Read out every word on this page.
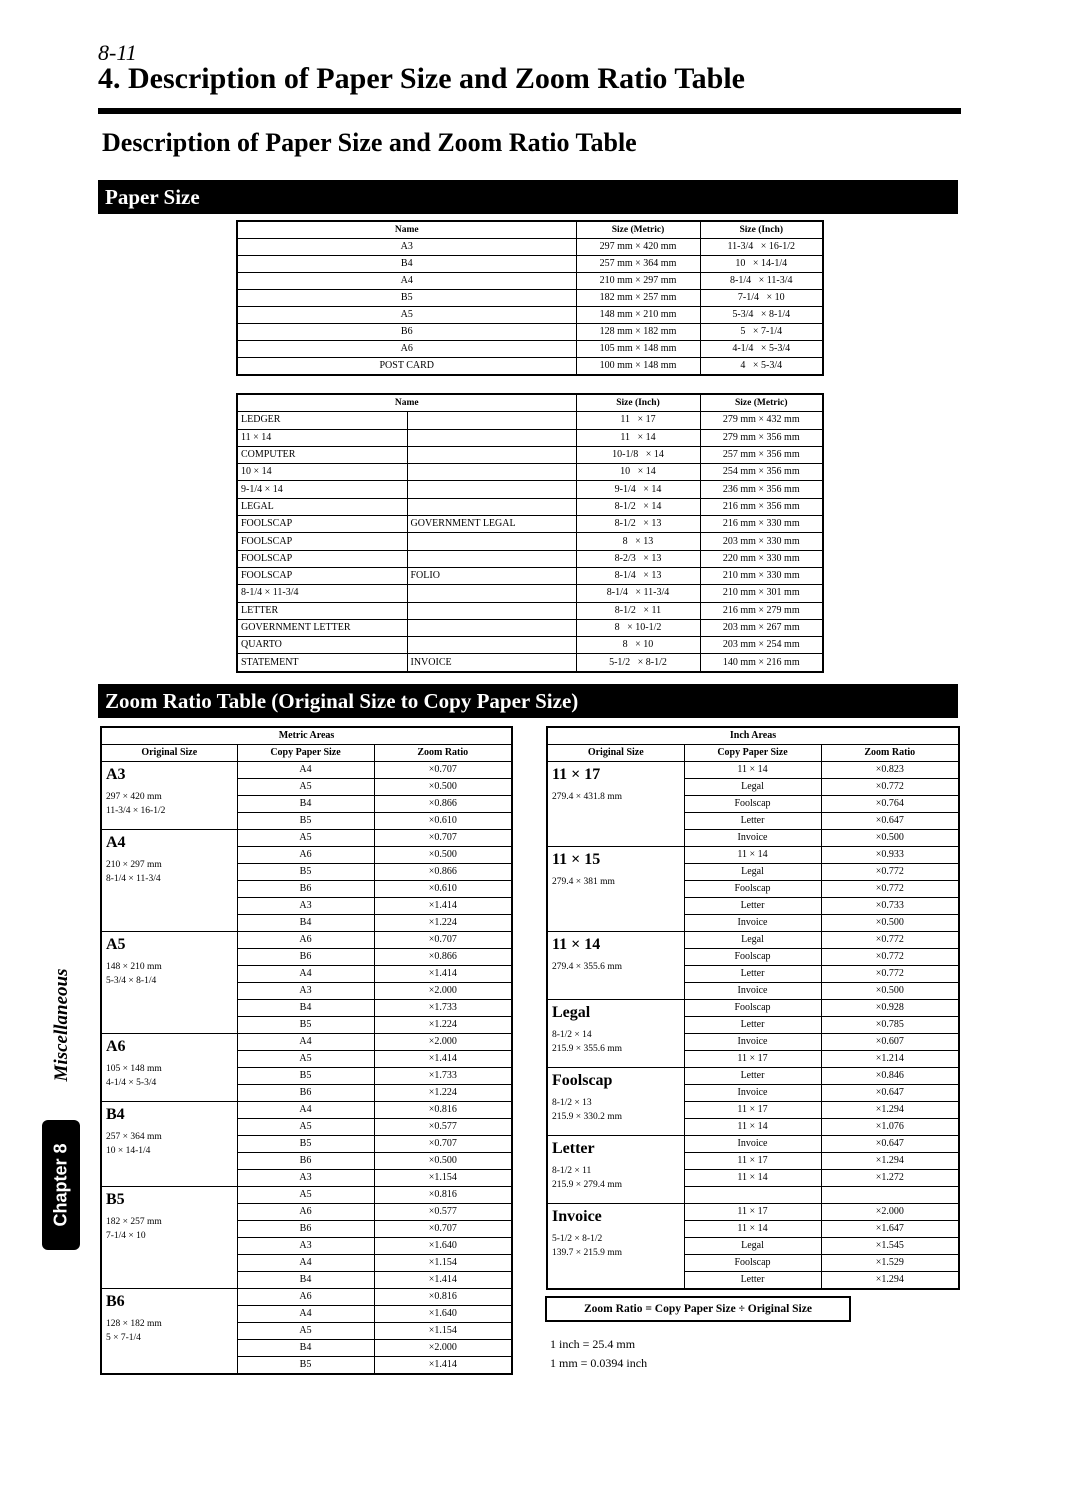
8-11
4. Description of Paper Size and Zoom Ratio Table
Description of Paper Size and Zoom Ratio Table
Paper Size
Name	Size (Metric)	Size (Inch)
A3	297 mm × 420 mm	11-3/4   × 16-1/2
B4	257 mm × 364 mm	10   × 14-1/4
A4	210 mm × 297 mm	8-1/4   × 11-3/4
B5	182 mm × 257 mm	7-1/4   × 10
A5	148 mm × 210 mm	5-3/4   × 8-1/4
B6	128 mm × 182 mm	5   × 7-1/4
A6	105 mm × 148 mm	4-1/4   × 5-3/4
POST CARD	100 mm × 148 mm	4   × 5-3/4
Name		Size (Inch)	Size (Metric)
LEDGER		11   × 17	279 mm × 432 mm
11 × 14		11   × 14	279 mm × 356 mm
COMPUTER		10-1/8   × 14	257 mm × 356 mm
10 × 14		10   × 14	254 mm × 356 mm
9-1/4 × 14		9-1/4   × 14	236 mm × 356 mm
LEGAL		8-1/2   × 14	216 mm × 356 mm
FOOLSCAP	GOVERNMENT LEGAL	8-1/2   × 13	216 mm × 330 mm
FOOLSCAP		8   × 13	203 mm × 330 mm
FOOLSCAP		8-2/3   × 13	220 mm × 330 mm
FOOLSCAP	FOLIO	8-1/4   × 13	210 mm × 330 mm
8-1/4 × 11-3/4		8-1/4   × 11-3/4	210 mm × 301 mm
LETTER		8-1/2   × 11	216 mm × 279 mm
GOVERNMENT LETTER		8   × 10-1/2	203 mm × 267 mm
QUARTO		8   × 10	203 mm × 254 mm
STATEMENT	INVOICE	5-1/2   × 8-1/2	140 mm × 216 mm
Zoom Ratio Table (Original Size to Copy Paper Size)
Metric Areas		
Original Size	Copy Paper Size	Zoom Ratio

A3
297 × 420 mm
11-3/4 × 16-1/2	A4	×0.707
	A5	×0.500
	B4	×0.866
	B5	×0.610

A4
210 × 297 mm
8-1/4 × 11-3/4	A5	×0.707
	A6	×0.500
	B5	×0.866
	B6	×0.610
	A3	×1.414
	B4	×1.224

A5
148 × 210 mm
5-3/4 × 8-1/4	A6	×0.707
	B6	×0.866
	A4	×1.414
	A3	×2.000
	B4	×1.733
	B5	×1.224

A6
105 × 148 mm
4-1/4 × 5-3/4	A4	×2.000
	A5	×1.414
	B5	×1.733
	B6	×1.224

B4
257 × 364 mm
10 × 14-1/4	A4	×0.816
	A5	×0.577
	B5	×0.707
	B6	×0.500
	A3	×1.154

B5
182 × 257 mm
7-1/4 × 10	A5	×0.816
	A6	×0.577
	B6	×0.707
	A3	×1.640
	A4	×1.154
	B4	×1.414

B6
128 × 182 mm
5 × 7-1/4	A6	×0.816
	A4	×1.640
	A5	×1.154
	B4	×2.000
	B5	×1.414
Inch Areas		
Original Size	Copy Paper Size	Zoom Ratio

11 × 17
279.4 × 431.8 mm	11 × 14	×0.823
	Legal	×0.772
	Foolscap	×0.764
	Letter	×0.647
	Invoice	×0.500

11 × 15
279.4 × 381 mm	11 × 14	×0.933
	Legal	×0.772
	Foolscap	×0.772
	Letter	×0.733
	Invoice	×0.500

11 × 14
279.4 × 355.6 mm	Legal	×0.772
	Foolscap	×0.772
	Letter	×0.772
	Invoice	×0.500

Legal
8-1/2 × 14
215.9 × 355.6 mm	Foolscap	×0.928
	Letter	×0.785
	Invoice	×0.607
	11 × 17	×1.214

Foolscap
8-1/2 × 13
215.9 × 330.2 mm	Letter	×0.846
	Invoice	×0.647
	11 × 17	×1.294
	11 × 14	×1.076

Letter
8-1/2 × 11
215.9 × 279.4 mm	Invoice	×0.647
	11 × 17	×1.294
	11 × 14	×1.272

Invoice
5-1/2 × 8-1/2
139.7 × 215.9 mm	11 × 17	×2.000
	11 × 14	×1.647
	Legal	×1.545
	Foolscap	×1.529
	Letter	×1.294
Zoom Ratio = Copy Paper Size ÷ Original Size
1 inch = 25.4 mm
1 mm = 0.0394 inch
Miscellaneous
Chapter 8
